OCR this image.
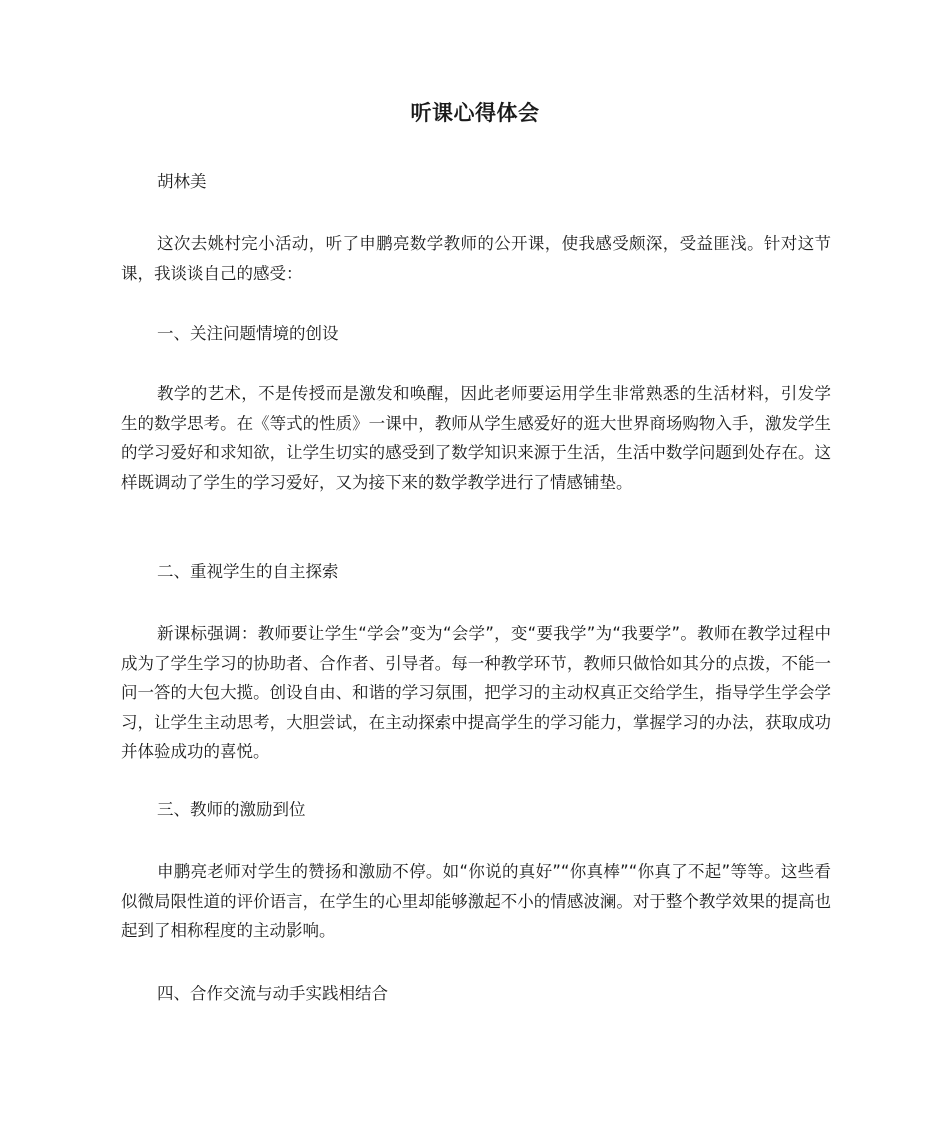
听课心得体会

胡林美

这次去姚村完小活动，听了申鹏亮数学教师的公开课，使我感受颇深，受益匪浅。针对这节课，我谈谈自己的感受：

一、关注问题情境的创设

教学的艺术，不是传授而是激发和唤醒，因此老师要运用学生非常熟悉的生活材料，引发学生的数学思考。在《等式的性质》一课中，教师从学生感爱好的逛大世界商场购物入手，激发学生的学习爱好和求知欲，让学生切实的感受到了数学知识来源于生活，生活中数学问题到处存在。这样既调动了学生的学习爱好，又为接下来的数学教学进行了情感铺垫。

二、重视学生的自主探索

新课标强调：教师要让学生“学会”变为“会学”，变“要我学”为“我要学”。教师在教学过程中成为了学生学习的协助者、合作者、引导者。每一种教学环节，教师只做恰如其分的点拨，不能一问一答的大包大揽。创设自由、和谐的学习氛围，把学习的主动权真正交给学生，指导学生学会学习，让学生主动思考，大胆尝试，在主动探索中提高学生的学习能力，掌握学习的办法，获取成功并体验成功的喜悦。

三、教师的激励到位

申鹏亮老师对学生的赞扬和激励不停。如“你说的真好”“你真棒”“你真了不起”等等。这些看似微局限性道的评价语言，在学生的心里却能够激起不小的情感波澜。对于整个教学效果的提高也起到了相称程度的主动影响。

四、合作交流与动手实践相结合
